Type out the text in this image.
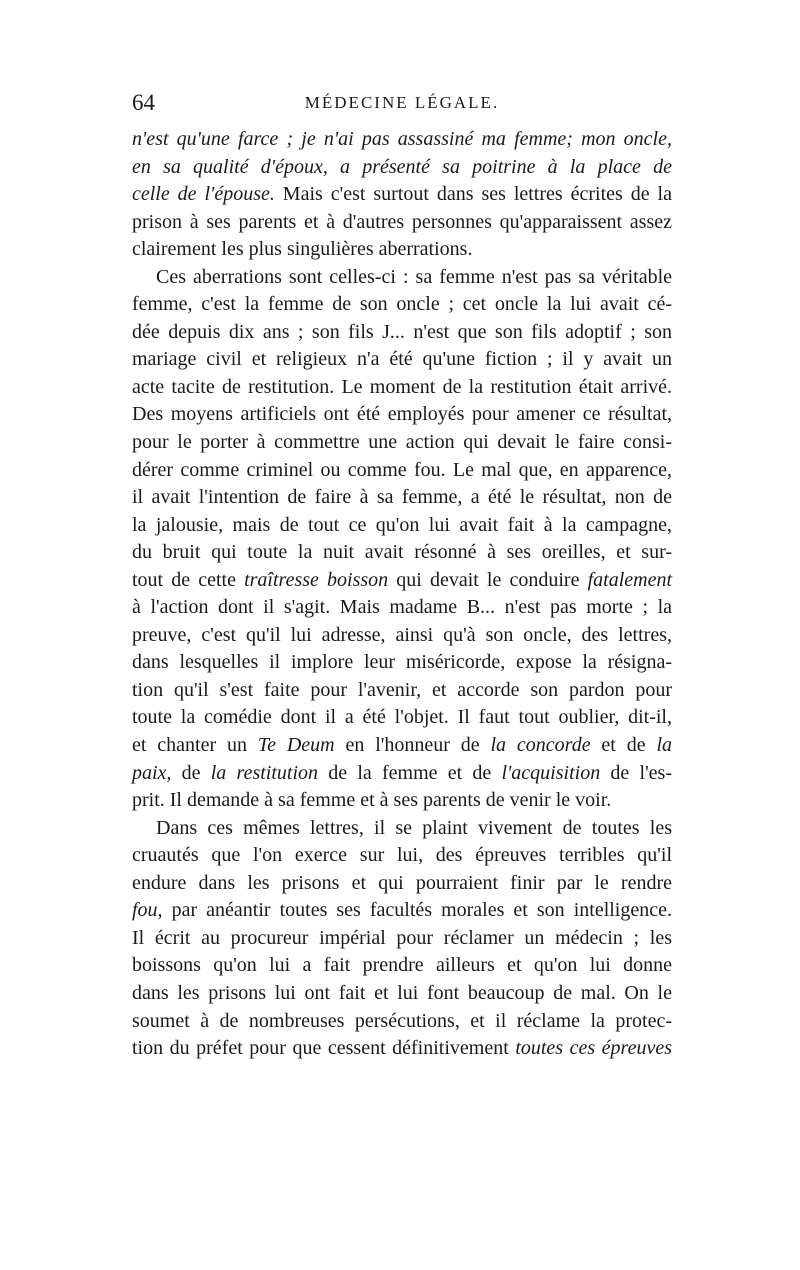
64	MÉDECINE LÉGALE.
n'est qu'une farce ; je n'ai pas assassiné ma femme; mon oncle,
en sa qualité d'époux, a présenté sa poitrine à la place de
celle de l'épouse. Mais c'est surtout dans ses lettres écrites de la
prison à ses parents et à d'autres personnes qu'apparaissent assez
clairement les plus singulières aberrations.
Ces aberrations sont celles-ci : sa femme n'est pas sa véritable
femme, c'est la femme de son oncle ; cet oncle la lui avait cé-
dée depuis dix ans ; son fils J... n'est que son fils adoptif ; son
mariage civil et religieux n'a été qu'une fiction ; il y avait un
acte tacite de restitution. Le moment de la restitution était arrivé.
Des moyens artificiels ont été employés pour amener ce résultat,
pour le porter à commettre une action qui devait le faire consi-
dérer comme criminel ou comme fou. Le mal que, en apparence,
il avait l'intention de faire à sa femme, a été le résultat, non de
la jalousie, mais de tout ce qu'on lui avait fait à la campagne,
du bruit qui toute la nuit avait résonné à ses oreilles, et sur-
tout de cette traîtresse boisson qui devait le conduire fatalement
à l'action dont il s'agit. Mais madame B... n'est pas morte ; la
preuve, c'est qu'il lui adresse, ainsi qu'à son oncle, des lettres,
dans lesquelles il implore leur miséricorde, expose la résigna-
tion qu'il s'est faite pour l'avenir, et accorde son pardon pour
toute la comédie dont il a été l'objet. Il faut tout oublier, dit-il,
et chanter un Te Deum en l'honneur de la concorde et de la
paix, de la restitution de la femme et de l'acquisition de l'es-
prit. Il demande à sa femme et à ses parents de venir le voir.
Dans ces mêmes lettres, il se plaint vivement de toutes les
cruautés que l'on exerce sur lui, des épreuves terribles qu'il
endure dans les prisons et qui pourraient finir par le rendre
fou, par anéantir toutes ses facultés morales et son intelligence.
Il écrit au procureur impérial pour réclamer un médecin ; les
boissons qu'on lui a fait prendre ailleurs et qu'on lui donne
dans les prisons lui ont fait et lui font beaucoup de mal. On le
soumet à de nombreuses persécutions, et il réclame la protec-
tion du préfet pour que cessent définitivement toutes ces épreuves
